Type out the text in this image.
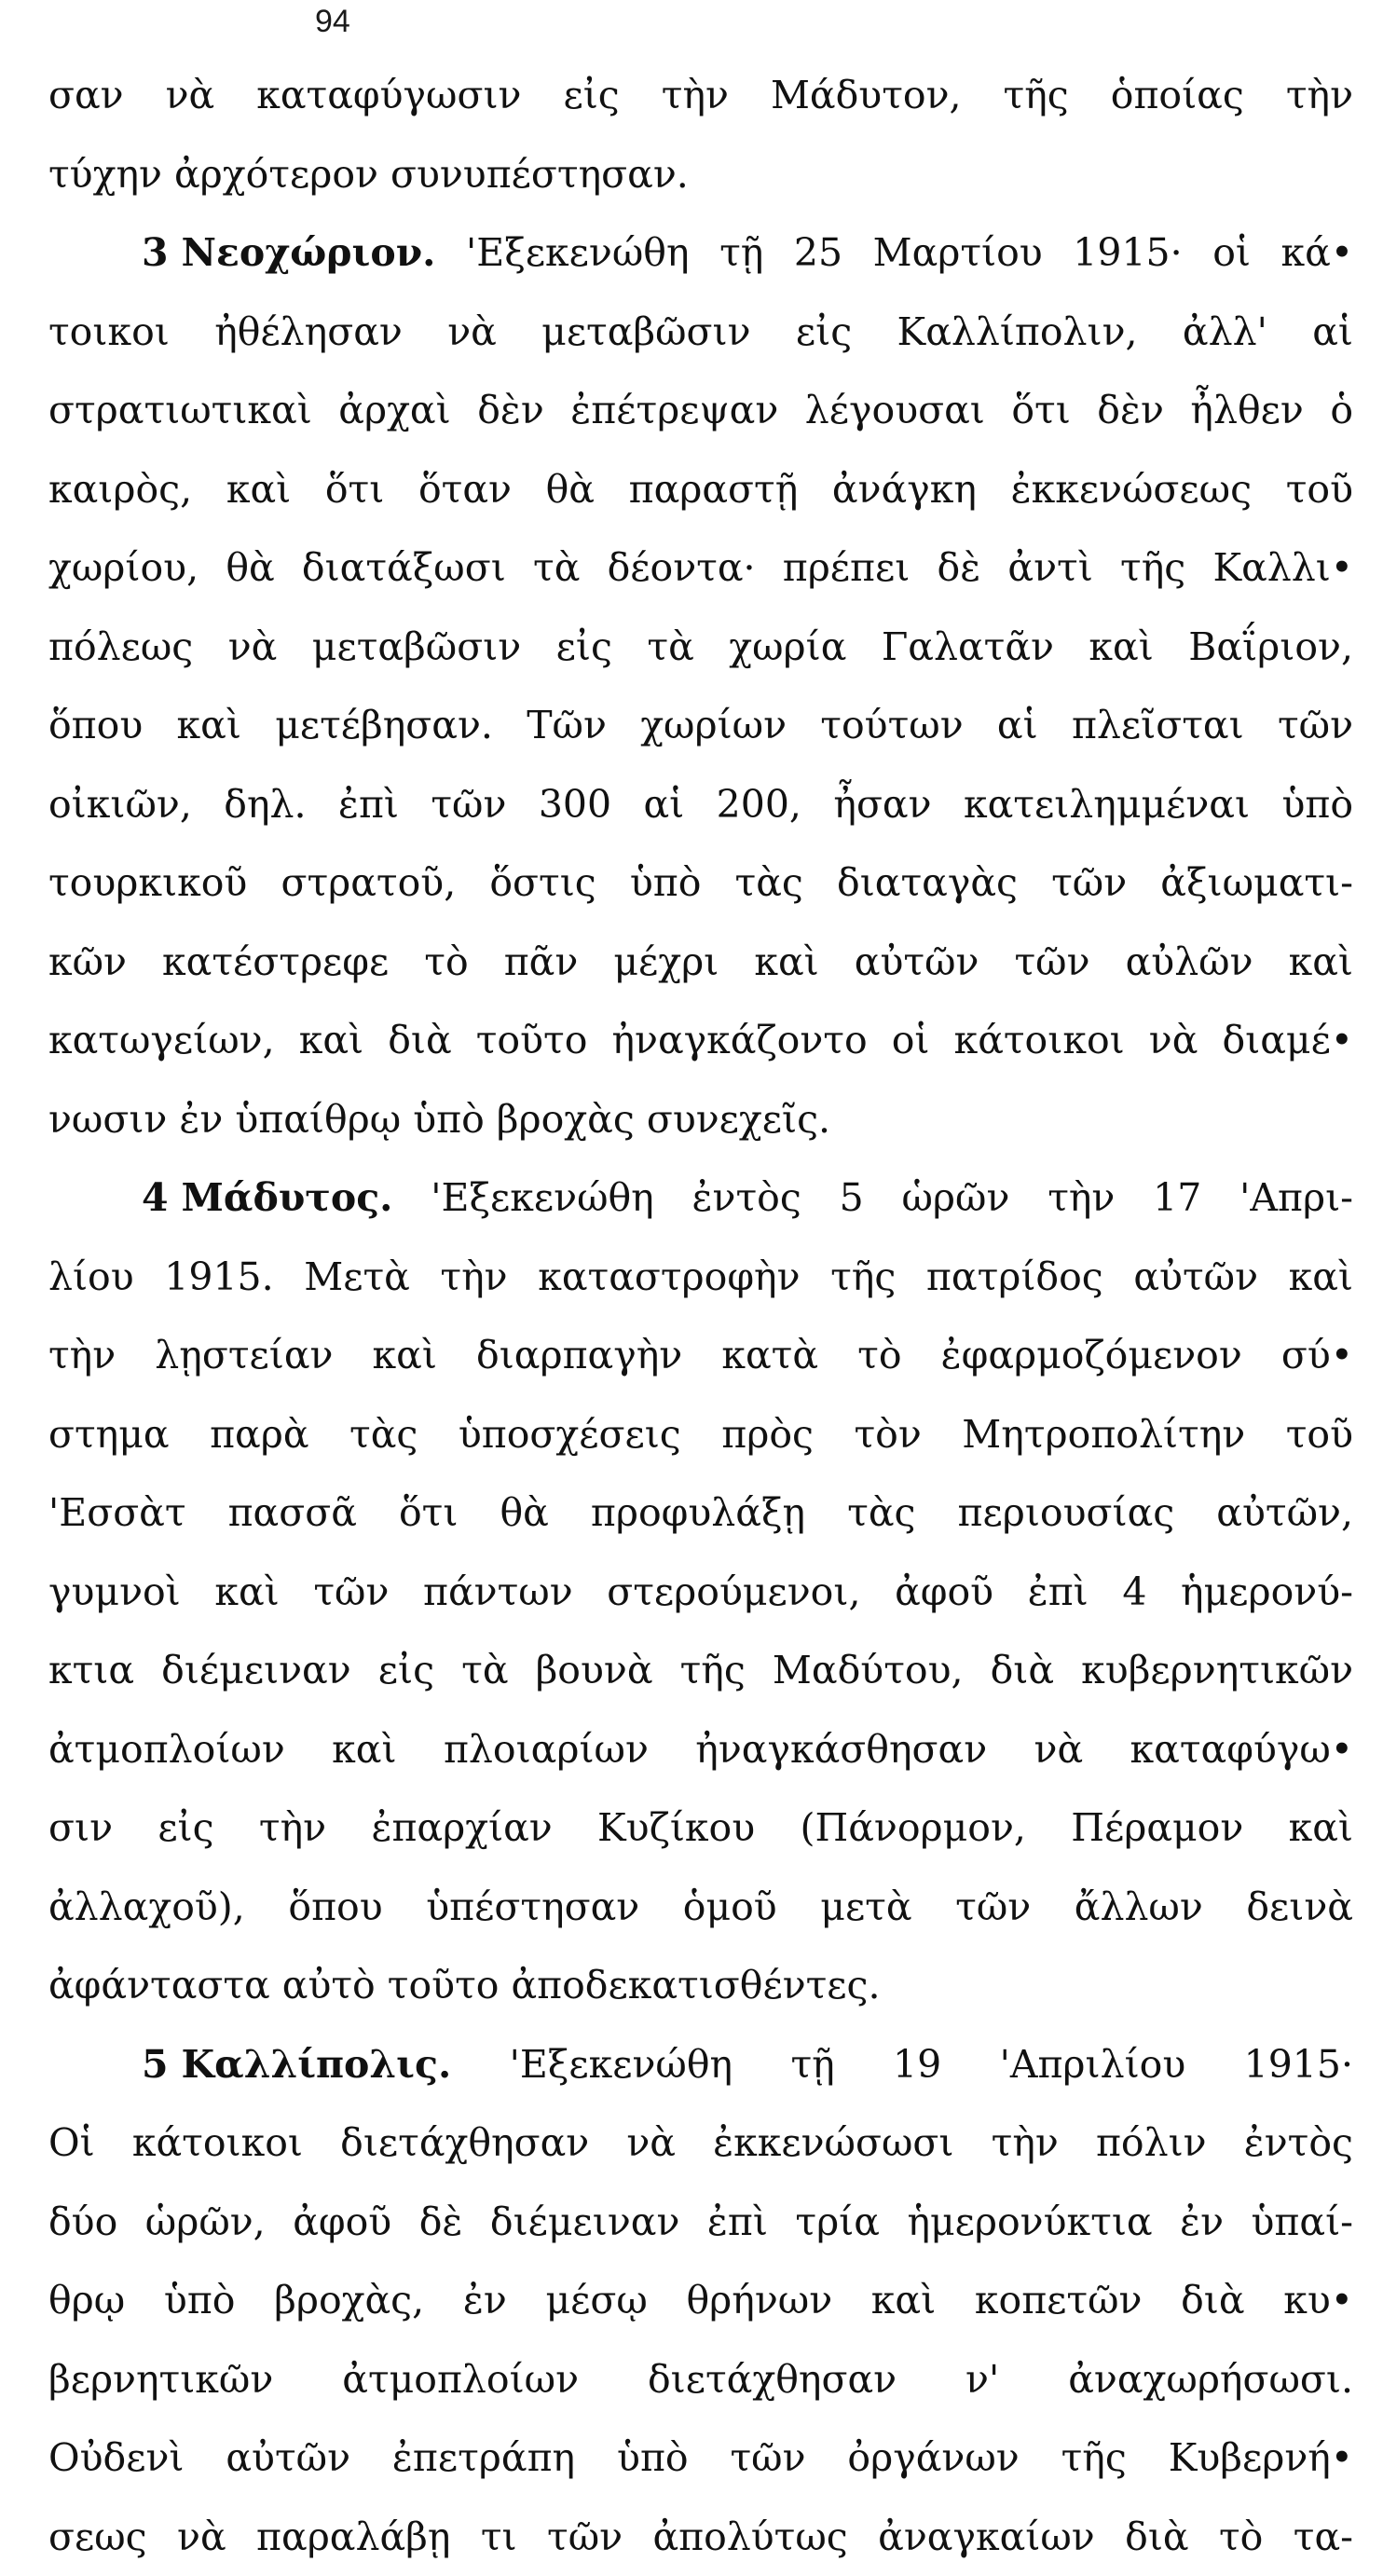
94
σαν νὰ καταφύγωσιν εἰς τὴν Μάδυτον, τῆς ὁποίας τὴν
τύχην ἀρχότερον συνυπέστησαν.
3 Νεοχώριον. 'Εξεκενώθη τῇ 25 Μαρτίου 1915· οἱ κά•
τοικοι ἠθέλησαν νὰ μεταβῶσιν εἰς Καλλίπολιν, ἀλλ' αἱ
στρατιωτικαὶ ἀρχαὶ δὲν ἐπέτρεψαν λέγουσαι ὅτι δὲν ἦλθεν ὁ
καιρὸς, καὶ ὅτι ὅταν θὰ παραστῇ ἀνάγκη ἐκκενώσεως τοῦ
χωρίου, θὰ διατάξωσι τὰ δέοντα· πρέπει δὲ ἀντὶ τῆς Καλλι•
πόλεως νὰ μεταβῶσιν εἰς τὰ χωρία Γαλατᾶν καὶ Βαΐριον,
ὅπου καὶ μετέβησαν. Τῶν χωρίων τούτων αἱ πλεῖσται τῶν
οἰκιῶν, δηλ. ἐπὶ τῶν 300 αἱ 200, ἦσαν κατειλημμέναι ὑπὸ
τουρκικοῦ στρατοῦ, ὅστις ὑπὸ τὰς διαταγὰς τῶν ἀξιωματι-
κῶν κατέστρεφε τὸ πᾶν μέχρι καὶ αὐτῶν τῶν αὐλῶν καὶ
κατωγείων, καὶ διὰ τοῦτο ἠναγκάζοντο οἱ κάτοικοι νὰ διαμέ•
νωσιν ἐν ὑπαίθρῳ ὑπὸ βροχὰς συνεχεῖς.
4 Μάδυτος. 'Εξεκενώθη ἐντὸς 5 ὡρῶν τὴν 17 'Απρι-
λίου 1915. Μετὰ τὴν καταστροφὴν τῆς πατρίδος αὐτῶν καὶ
τὴν λῃστείαν καὶ διαρπαγὴν κατὰ τὸ ἐφαρμοζόμενον σύ•
στημα παρὰ τὰς ὑποσχέσεις πρὸς τὸν Μητροπολίτην τοῦ
'Εσσὰτ πασσᾶ ὅτι θὰ προφυλάξῃ τὰς περιουσίας αὐτῶν,
γυμνοὶ καὶ τῶν πάντων στερούμενοι, ἀφοῦ ἐπὶ 4 ἡμερονύ-
κτια διέμειναν εἰς τὰ βουνὰ τῆς Μαδύτου, διὰ κυβερνητικῶν
ἀτμοπλοίων καὶ πλοιαρίων ἠναγκάσθησαν νὰ καταφύγω•
σιν εἰς τὴν ἐπαρχίαν Κυζίκου (Πάνορμον, Πέραμον καὶ
ἀλλαχοῦ), ὅπου ὑπέστησαν ὁμοῦ μετὰ τῶν ἄλλων δεινὰ
ἀφάνταστα αὐτὸ τοῦτο ἀποδεκατισθέντες.
5 Καλλίπολις. 'Εξεκενώθη τῇ 19 'Απριλίου 1915·
Οἱ κάτοικοι διετάχθησαν νὰ ἐκκενώσωσι τὴν πόλιν ἐντὸς
δύο ὡρῶν, ἀφοῦ δὲ διέμειναν ἐπὶ τρία ἡμερονύκτια ἐν ὑπαί-
θρῳ ὑπὸ βροχὰς, ἐν μέσῳ θρήνων καὶ κοπετῶν διὰ κυ•
βερνητικῶν ἀτμοπλοίων διετάχθησαν ν' ἀναχωρήσωσι.
Οὐδενὶ αὐτῶν ἐπετράπη ὑπὸ τῶν ὀργάνων τῆς Κυβερνή•
σεως νὰ παραλάβῃ τι τῶν ἀπολύτως ἀναγκαίων διὰ τὸ τα-
